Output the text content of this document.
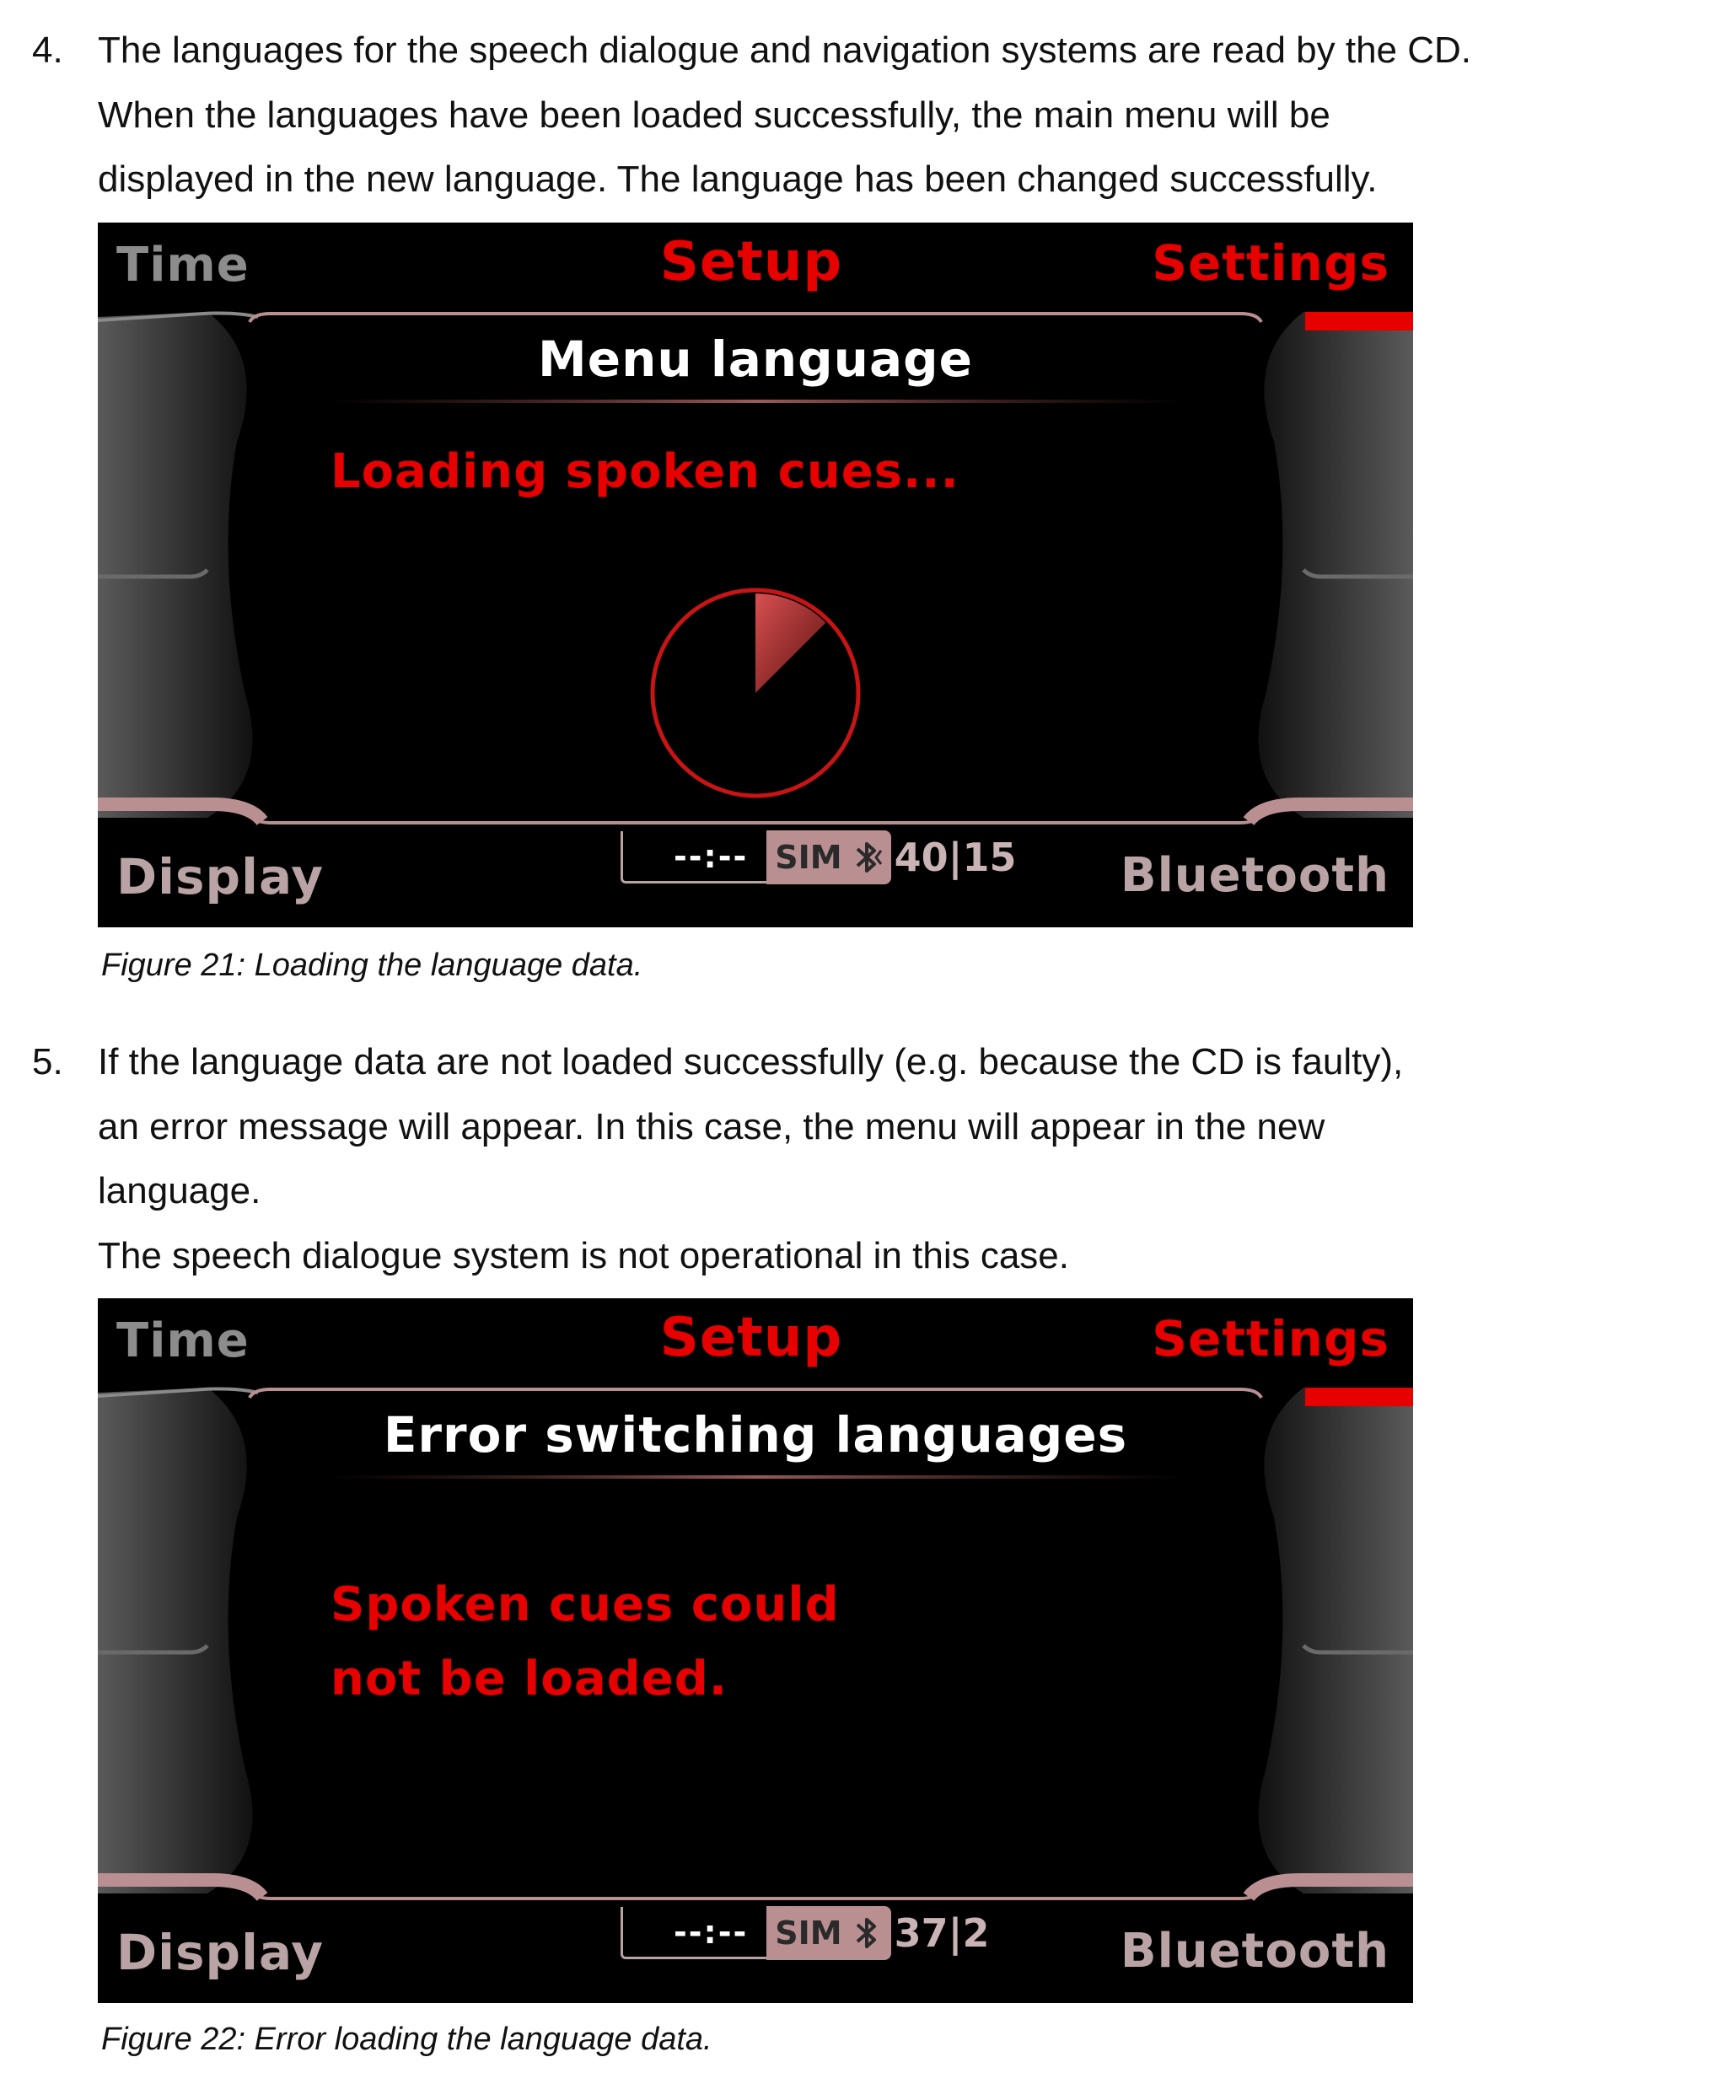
4. The languages for the speech dialogue and navigation systems are read by the CD.
When the languages have been loaded successfully, the main menu will be
displayed in the new language. The language has been changed successfully.
Time	Setup	Settings
Menu language
Loading spoken cues...
Display	--:-- SIM 40|15 Bluetooth
Figure 21: Loading the language data.
5. If the language data are not loaded successfully (e.g. because the CD is faulty),
an error message will appear. In this case, the menu will appear in the new
language.
The speech dialogue system is not operational in this case.
Time	Setup	Settings
Error switching languages
Spoken cues could
not be loaded.
Display	--:-- SIM 37|2	Bluetooth
Figure 22: Error loading the language data.
